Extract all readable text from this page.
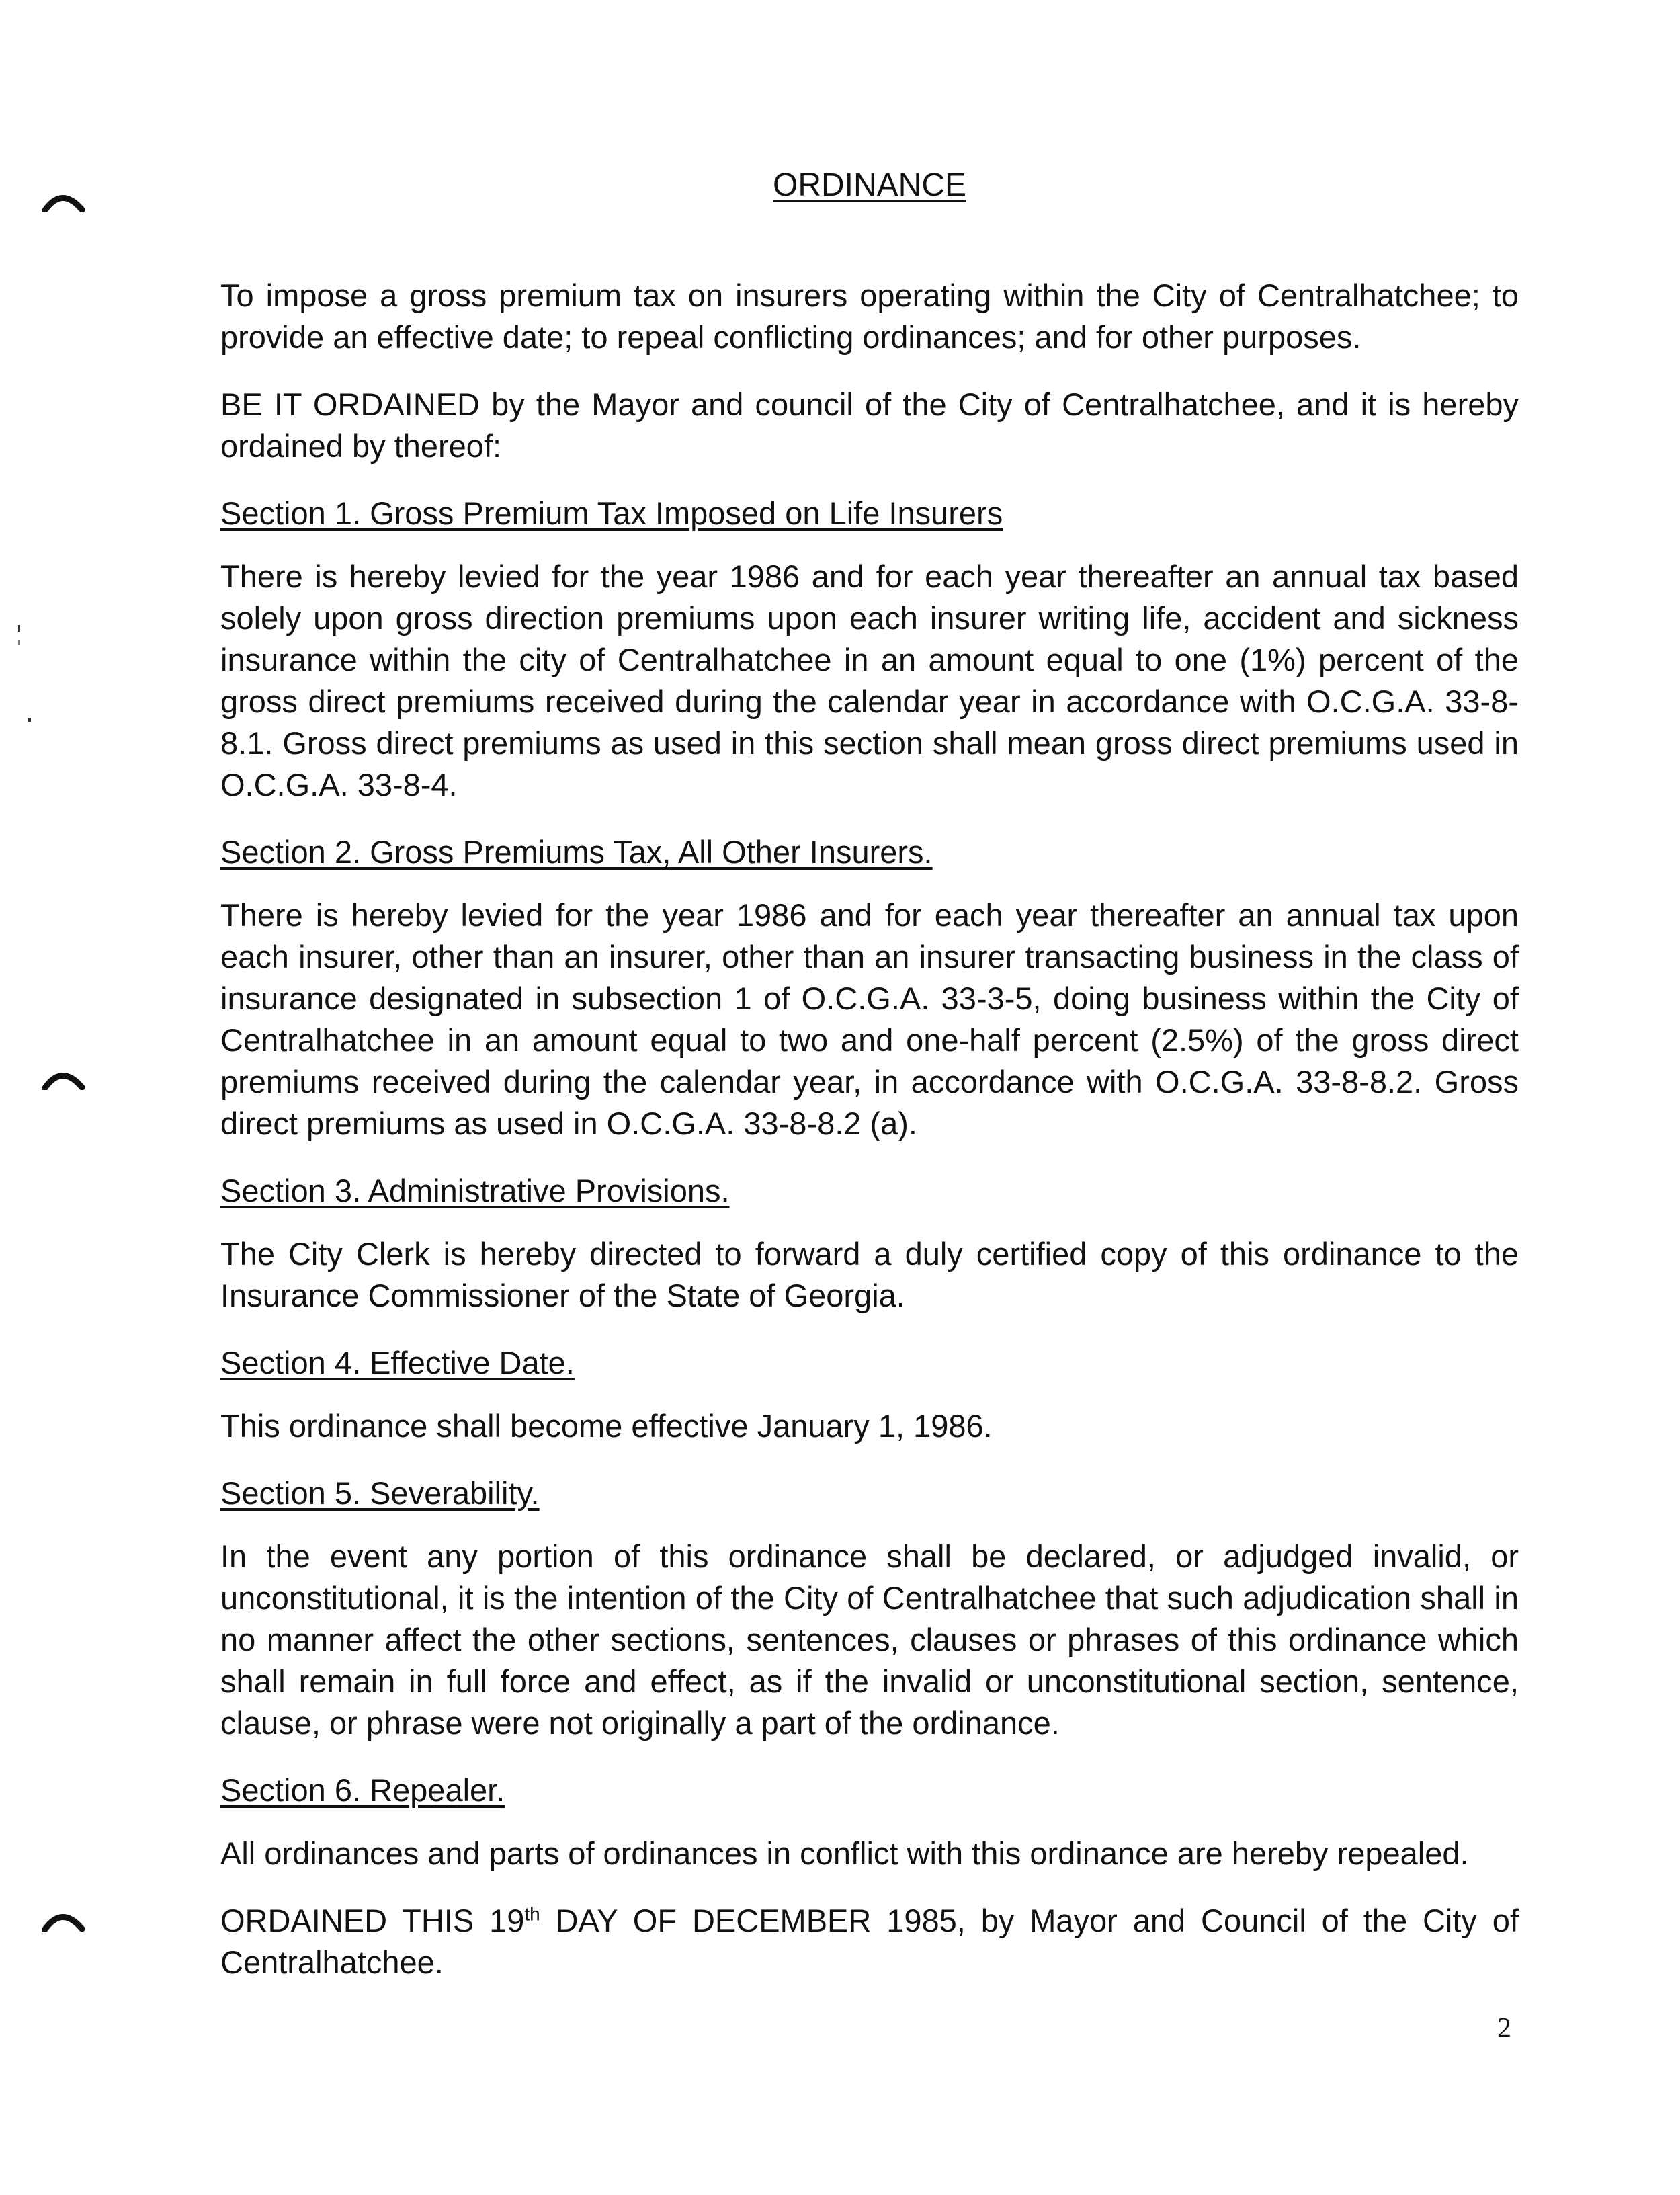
ORDINANCE

To impose a gross premium tax on insurers operating within the City of Centralhatchee; to provide an effective date; to repeal conflicting ordinances; and for other purposes.

BE IT ORDAINED by the Mayor and council of the City of Centralhatchee, and it is hereby ordained by thereof:

Section 1. Gross Premium Tax Imposed on Life Insurers

There is hereby levied for the year 1986 and for each year thereafter an annual tax based solely upon gross direction premiums upon each insurer writing life, accident and sickness insurance within the city of Centralhatchee in an amount equal to one (1%) percent of the gross direct premiums received during the calendar year in accordance with O.C.G.A. 33-8-8.1. Gross direct premiums as used in this section shall mean gross direct premiums used in O.C.G.A. 33-8-4.

Section 2. Gross Premiums Tax, All Other Insurers.

There is hereby levied for the year 1986 and for each year thereafter an annual tax upon each insurer, other than an insurer, other than an insurer transacting business in the class of insurance designated in subsection 1 of O.C.G.A. 33-3-5, doing business within the City of Centralhatchee in an amount equal to two and one-half percent (2.5%) of the gross direct premiums received during the calendar year, in accordance with O.C.G.A. 33-8-8.2. Gross direct premiums as used in O.C.G.A. 33-8-8.2 (a).

Section 3. Administrative Provisions.

The City Clerk is hereby directed to forward a duly certified copy of this ordinance to the Insurance Commissioner of the State of Georgia.

Section 4. Effective Date.

This ordinance shall become effective January 1, 1986.

Section 5. Severability.

In the event any portion of this ordinance shall be declared, or adjudged invalid, or unconstitutional, it is the intention of the City of Centralhatchee that such adjudication shall in no manner affect the other sections, sentences, clauses or phrases of this ordinance which shall remain in full force and effect, as if the invalid or unconstitutional section, sentence, clause, or phrase were not originally a part of the ordinance.

Section 6. Repealer.

All ordinances and parts of ordinances in conflict with this ordinance are hereby repealed.

ORDAINED THIS 19th DAY OF DECEMBER 1985, by Mayor and Council of the City of Centralhatchee.

2
